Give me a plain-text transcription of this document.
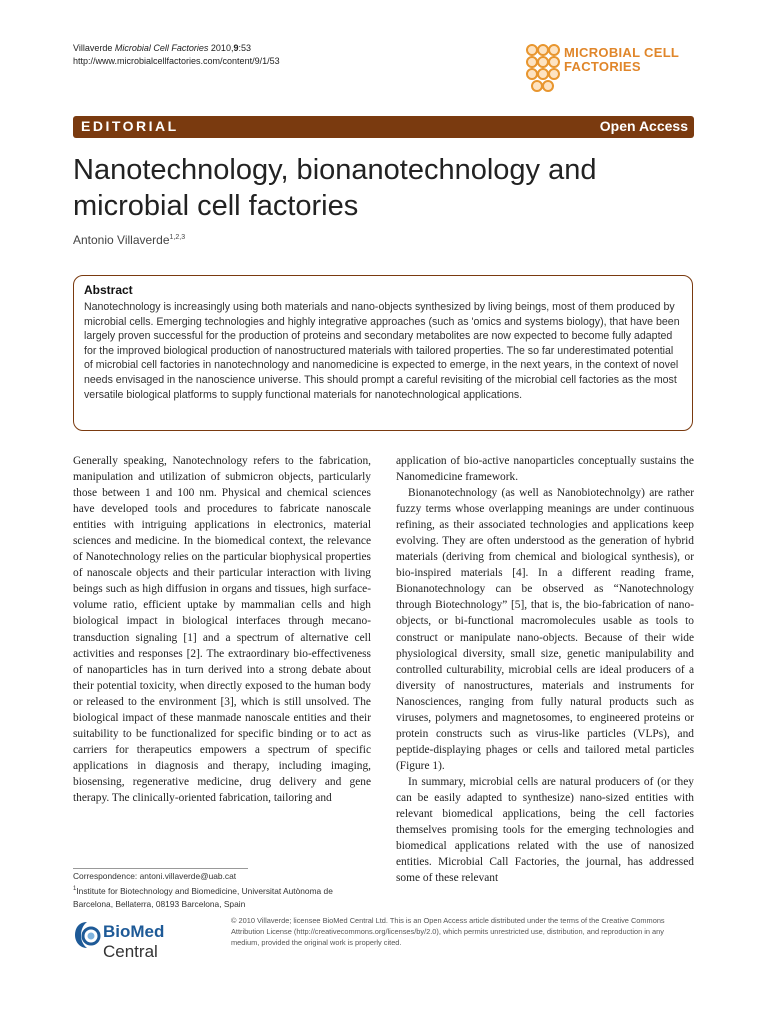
Villaverde Microbial Cell Factories 2010,9:53
http://www.microbialcellfactories.com/content/9/1/53
MICROBIAL CELL
FACTORIES
EDITORIAL	Open Access
Nanotechnology, bionanotechnology and microbial cell factories
Antonio Villaverde$^{1,2,3}$
Abstract

Nanotechnology is increasingly using both materials and nano-objects synthesized by living beings, most of them produced by microbial cells. Emerging technologies and highly integrative approaches (such as 'omics and systems biology), that have been largely proven successful for the production of proteins and secondary metabolites are now expected to become fully adapted for the improved biological production of nanostructured materials with tailored properties. The so far underestimated potential of microbial cell factories in nanotechnology and nanomedicine is expected to emerge, in the next years, in the context of novel needs envisaged in the nanoscience universe. This should prompt a careful revisiting of the microbial cell factories as the most versatile biological platforms to supply functional materials for nanotechnological applications.

Generally speaking, Nanotechnology refers to the fabrication, manipulation and utilization of submicron objects, particularly those between 1 and 100 nm. Physical and chemical sciences have developed tools and procedures to fabricate nanoscale entities with intriguing applications in electronics, material sciences and medicine. In the biomedical context, the relevance of Nanotechnology relies on the particular biophysical properties of nanoscale objects and their particular interaction with living beings such as high diffusion in organs and tissues, high surface-volume ratio, efficient uptake by mammalian cells and high biological impact in biological interfaces through mecano-transduction signaling [1] and a spectrum of alternative cell activities and responses [2]. The extraordinary bio-effectiveness of nanoparticles has in turn derived into a strong debate about their potential toxicity, when directly exposed to the human body or released to the environment [3], which is still unsolved. The biological impact of these manmade nanoscale entities and their suitability to be functionalized for specific binding or to act as carriers for therapeutics empowers a spectrum of specific applications in diagnosis and therapy, including imaging, biosensing, regenerative medicine, drug delivery and gene therapy. The clinically-oriented fabrication, tailoring and

application of bio-active nanoparticles conceptually sustains the Nanomedicine framework.

Bionanotechnology (as well as Nanobiotechnolgy) are rather fuzzy terms whose overlapping meanings are under continuous refining, as their associated technologies and applications keep evolving. They are often understood as the generation of hybrid materials (deriving from chemical and biological synthesis), or bio-inspired materials [4]. In a different reading frame, Bionanotechnology can be observed as “Nanotechnology through Biotechnology” [5], that is, the bio-fabrication of nano-objects, or bi-functional macromolecules usable as tools to construct or manipulate nano-objects. Because of their wide physiological diversity, small size, genetic manipulability and controlled culturability, microbial cells are ideal producers of a diversity of nanostructures, materials and instruments for Nanosciences, ranging from fully natural products such as viruses, polymers and magnetosomes, to engineered proteins or protein constructs such as virus-like particles (VLPs), and peptide-displaying phages or cells and tailored metal particles (Figure 1).

In summary, microbial cells are natural producers of (or they can be easily adapted to synthesize) nano-sized entities with relevant biomedical applications, being the cell factories themselves promising tools for the emerging technologies and biomedical applications related with the use of nanosized entities. Microbial Call Factories, the journal, has addressed some of these relevant

Correspondence: antoni.villaverde@uab.cat
$^1$Institute for Biotechnology and Biomedicine, Universitat Autònoma de Barcelona, Bellaterra, 08193 Barcelona, Spain
BioMed Central
© 2010 Villaverde; licensee BioMed Central Ltd. This is an Open Access article distributed under the terms of the Creative Commons Attribution License (http://creativecommons.org/licenses/by/2.0), which permits unrestricted use, distribution, and reproduction in any medium, provided the original work is properly cited.
